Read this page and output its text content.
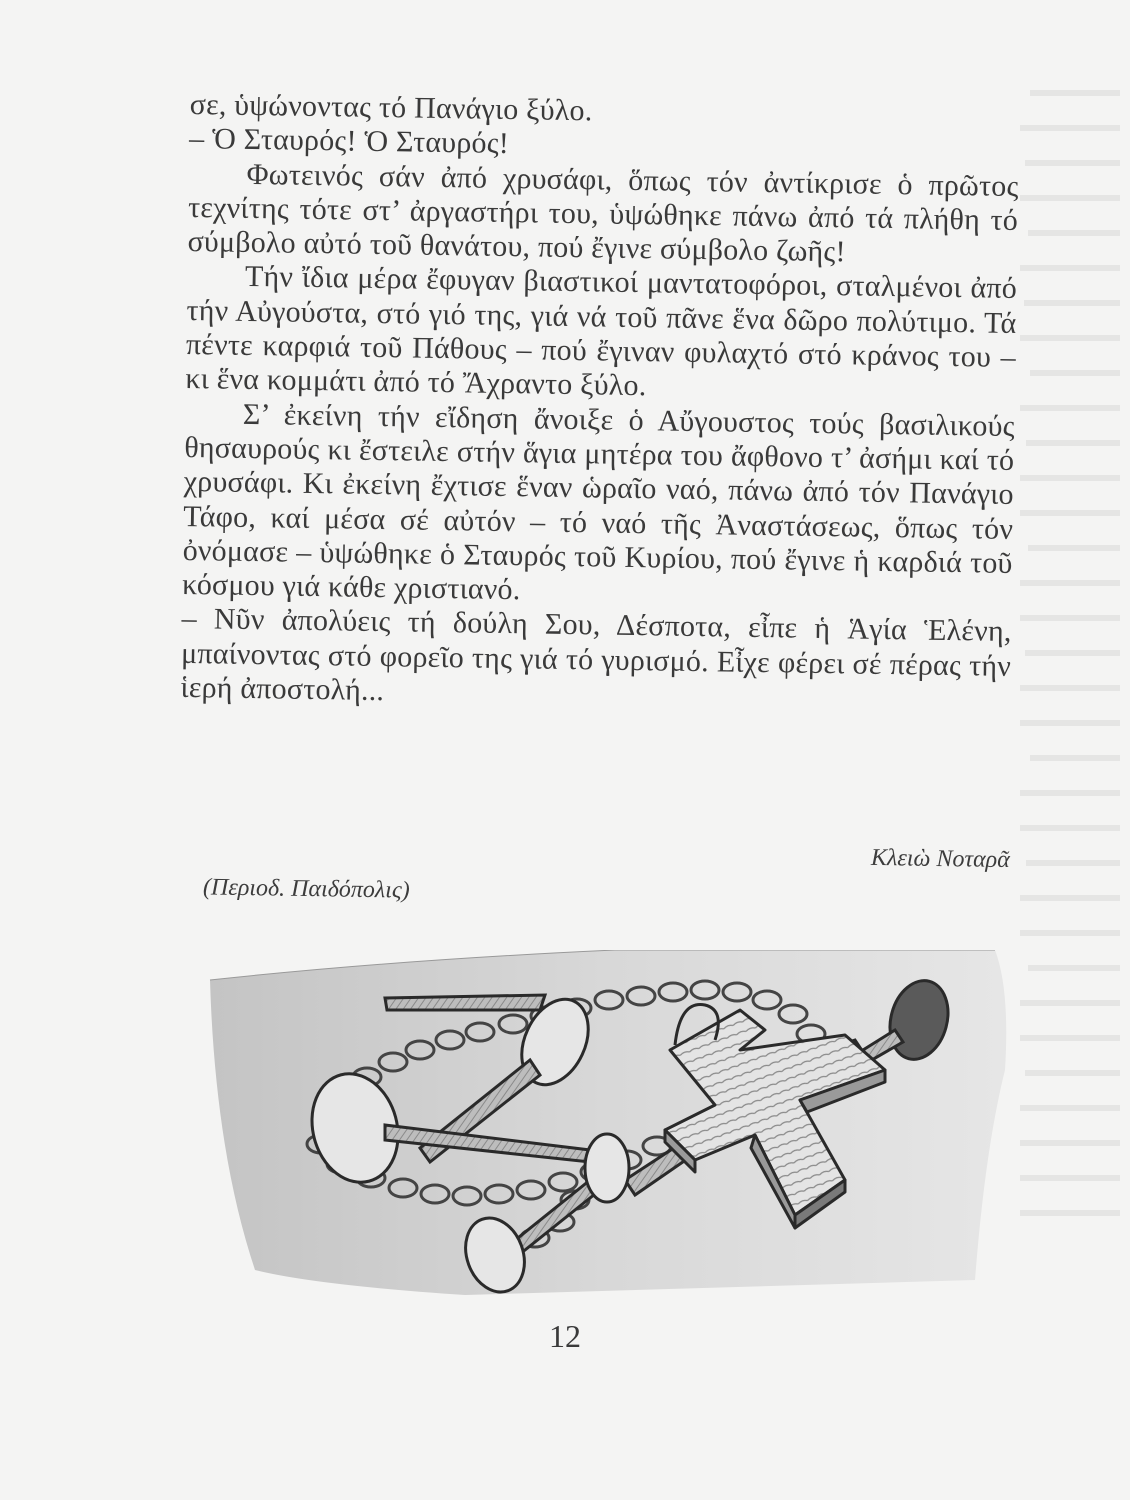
σε, ὑψώνοντας τό Πανάγιο ξύλο.

– Ὁ Σταυρός! Ὁ Σταυρός!

Φωτεινός σάν ἀπό χρυσάφι, ὅπως τόν ἀντίκρισε ὁ πρῶτος τεχνίτης τότε στ’ ἀργαστήρι του, ὑψώθηκε πάνω ἀπό τά πλήθη τό σύμβολο αὐτό τοῦ θανάτου, πού ἔγινε σύμβολο ζωῆς!

Τήν ἴδια μέρα ἔφυγαν βιαστικοί μαντατοφόροι, σταλμένοι ἀπό τήν Αὐγούστα, στό γιό της, γιά νά τοῦ πᾶνε ἕνα δῶρο πολύτιμο. Τά πέντε καρφιά τοῦ Πάθους – πού ἔγιναν φυλαχτό στό κράνος του – κι ἕνα κομμάτι ἀπό τό Ἄχραντο ξύλο.

Σ’ ἐκείνη τήν εἴδηση ἄνοιξε ὁ Αὔγουστος τούς βασιλικούς θησαυρούς κι ἔστειλε στήν ἅγια μητέρα του ἄφθονο τ’ ἀσήμι καί τό χρυσάφι. Κι ἐκείνη ἔχτισε ἕναν ὡραῖο ναό, πάνω ἀπό τόν Πανάγιο Τάφο, καί μέσα σέ αὐτόν – τό ναό τῆς Ἀναστάσεως, ὅπως τόν ὀνόμασε – ὑψώθηκε ὁ Σταυρός τοῦ Κυρίου, πού ἔγινε ἡ καρδιά τοῦ κόσμου γιά κάθε χριστιανό.

– Νῦν ἀπολύεις τή δούλη Σου, Δέσποτα, εἶπε ἡ Ἁγία Ἑλένη, μπαίνοντας στό φορεῖο της γιά τό γυρισμό. Εἶχε φέρει σέ πέρας τήν ἱερή ἀποστολή...

Κλειὼ Νοταρᾶ
(Περιοδ. Παιδόπολις)
12
